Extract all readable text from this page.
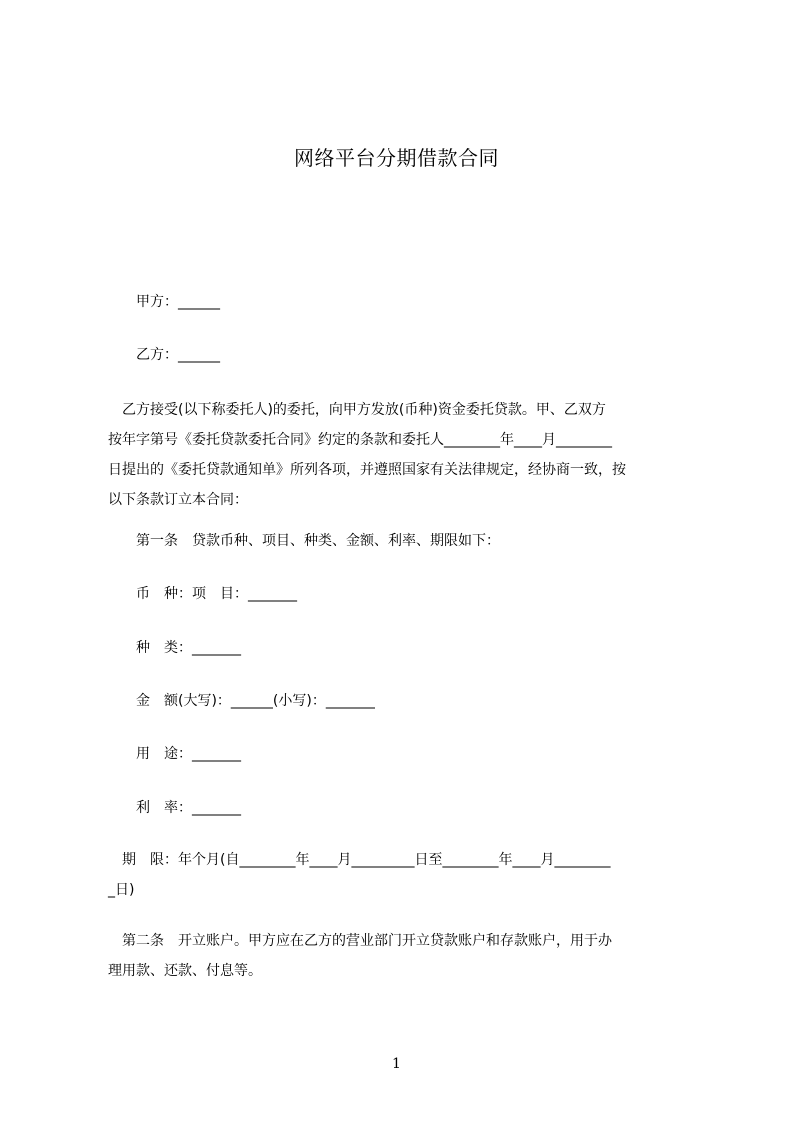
网络平台分期借款合同
甲方：______
乙方：______

　乙方接受(以下称委托人)的委托，向甲方发放(币种)资金委托贷款。甲、乙双方

按年字第号《委托贷款委托合同》约定的条款和委托人________年____月________

日提出的《委托贷款通知单》所列各项，并遵照国家有关法律规定，经协商一致，按

以下条款订立本合同：

第一条　贷款币种、项目、种类、金额、利率、期限如下：
币　种：项　目：_______
种　类：_______
金　额(大写)：______(小写)：_______
用　途：_______
利　率：_______

　期　限：年个月(自________年____月_________日至________年____月________

_日)

　第二条　开立账户。甲方应在乙方的营业部门开立贷款账户和存款账户，用于办

理用款、还款、付息等。

1
